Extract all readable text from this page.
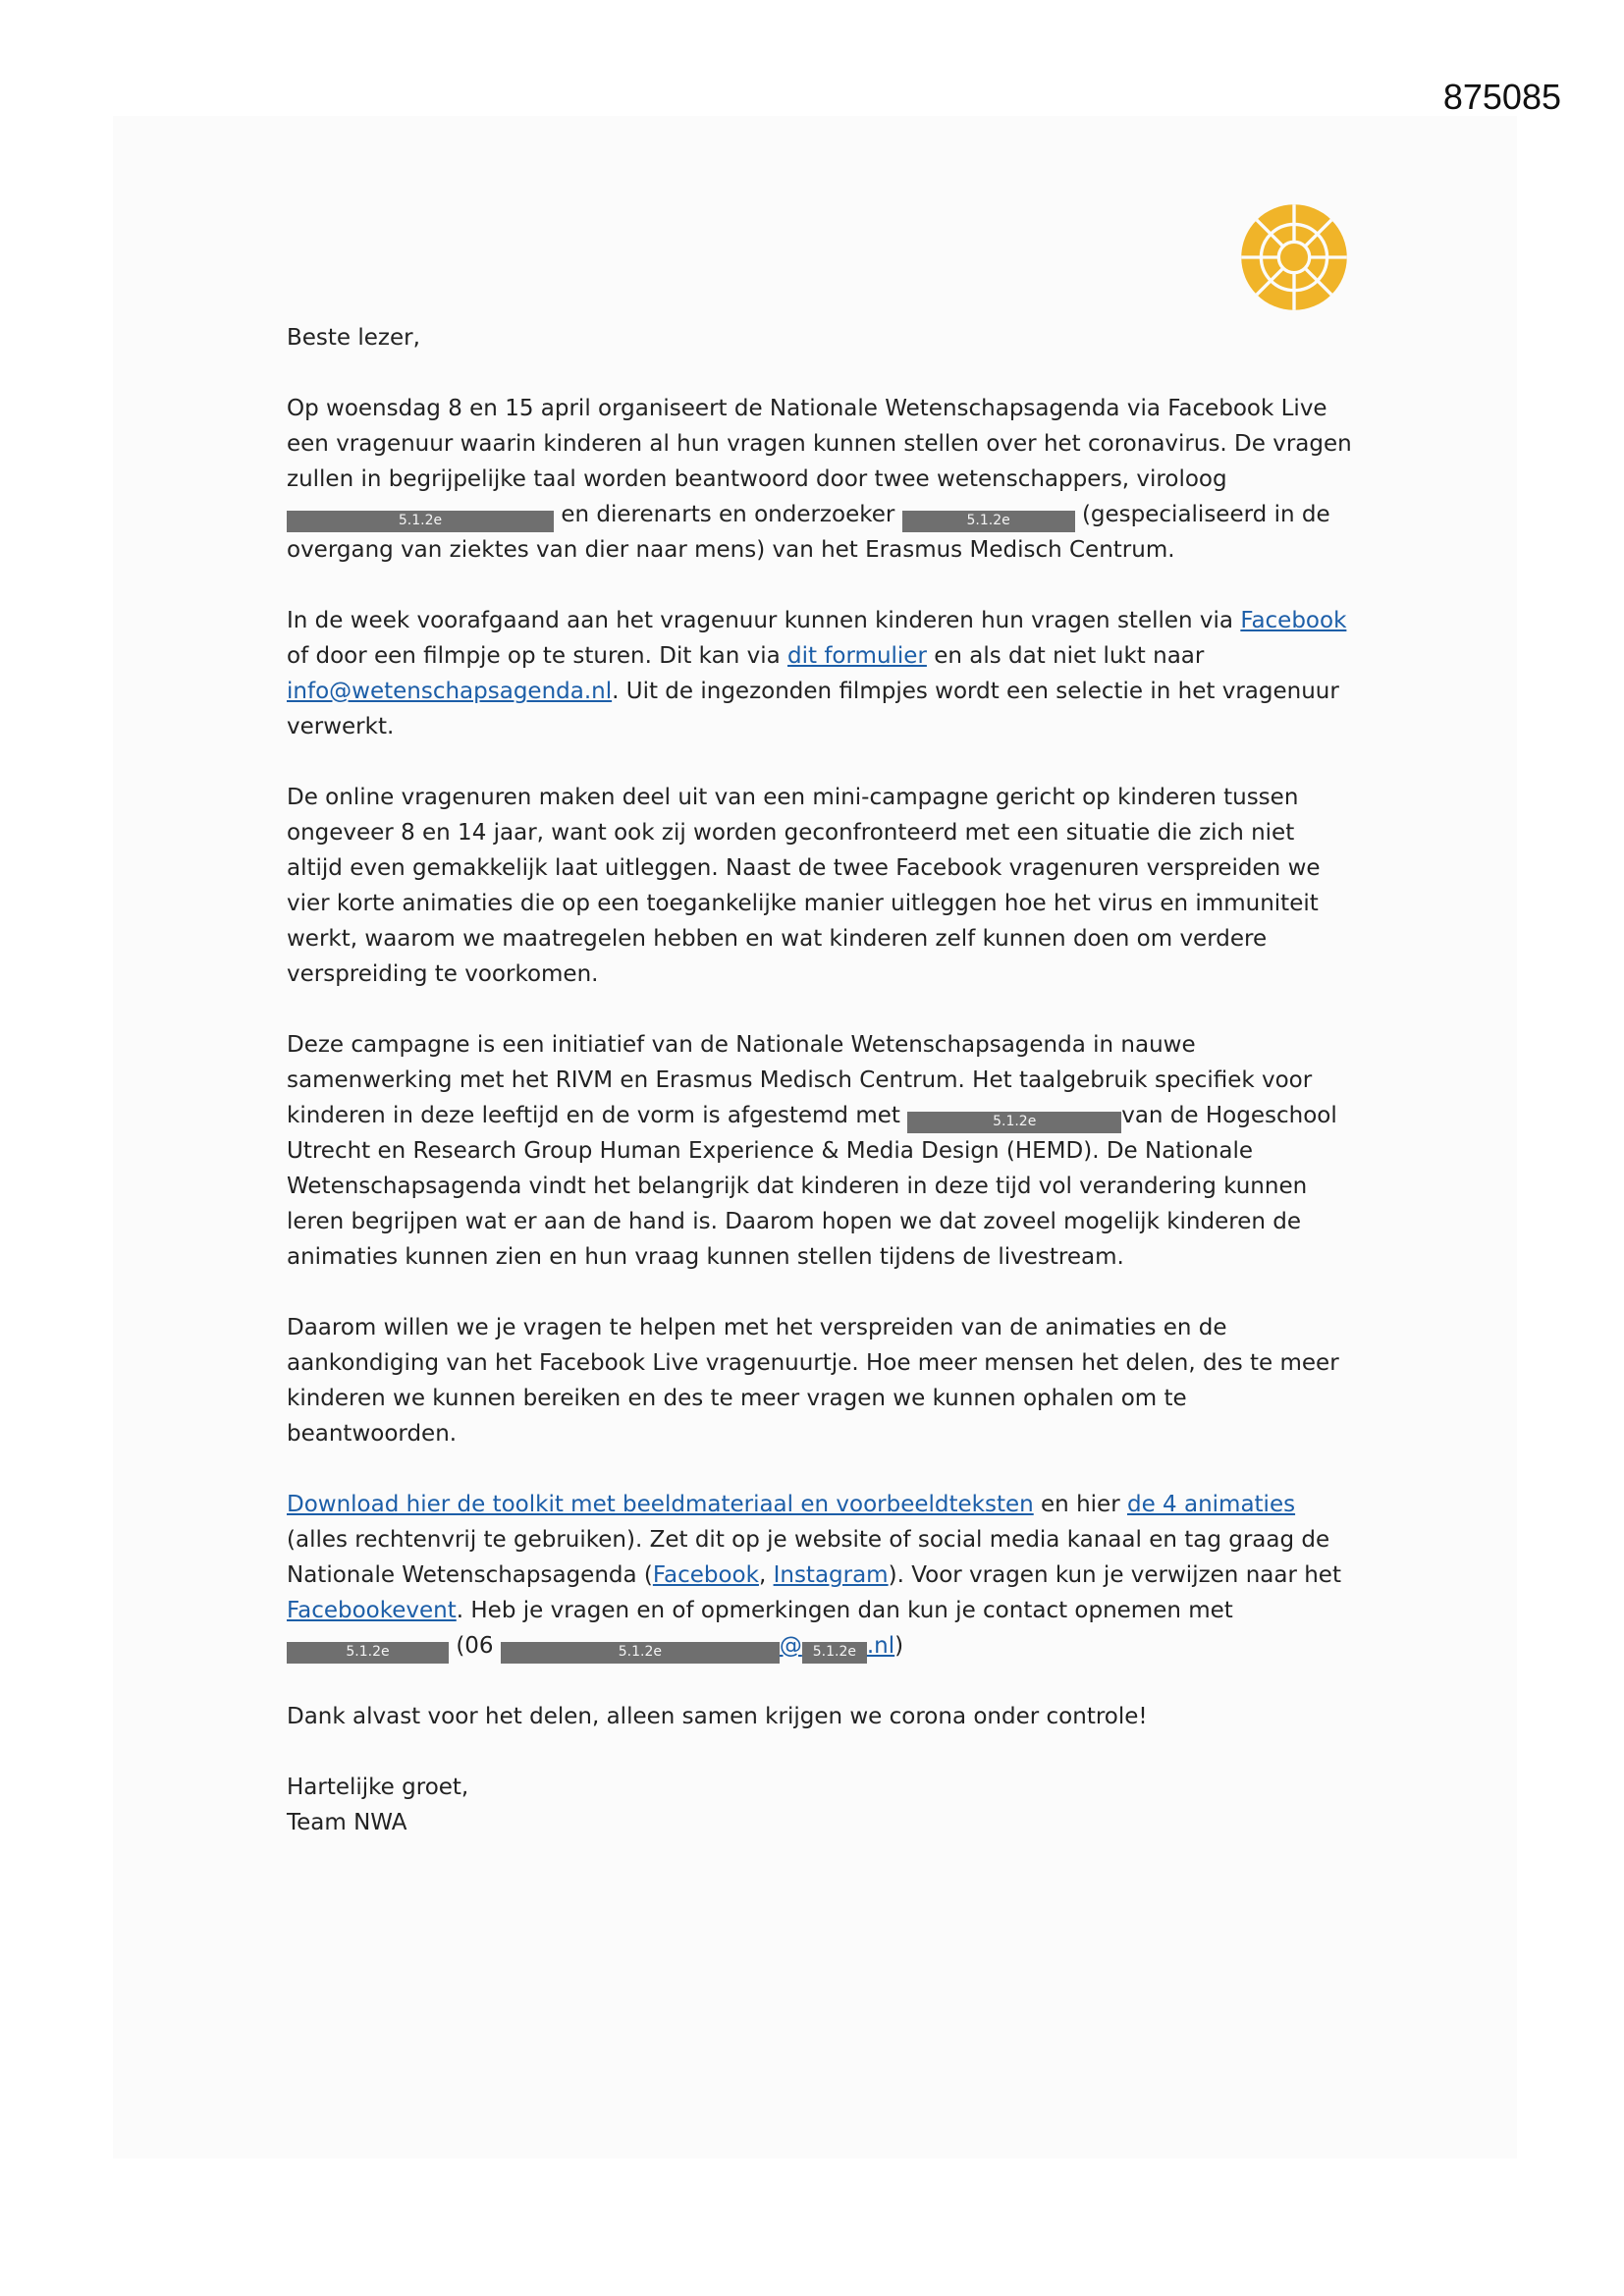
875085

Beste lezer,

Op woensdag 8 en 15 april organiseert de Nationale Wetenschapsagenda via Facebook Live een vragenuur waarin kinderen al hun vragen kunnen stellen over het coronavirus. De vragen zullen in begrijpelijke taal worden beantwoord door twee wetenschappers, viroloog 5.1.2e	en dierenarts en onderzoeker	5.1.2e	(gespecialiseerd in de overgang van ziektes van dier naar mens) van het Erasmus Medisch Centrum.

In de week voorafgaand aan het vragenuur kunnen kinderen hun vragen stellen via Facebook of door een filmpje op te sturen. Dit kan via dit formulier en als dat niet lukt naar info@wetenschapsagenda.nl. Uit de ingezonden filmpjes wordt een selectie in het vragenuur verwerkt.

De online vragenuren maken deel uit van een mini-campagne gericht op kinderen tussen ongeveer 8 en 14 jaar, want ook zij worden geconfronteerd met een situatie die zich niet altijd even gemakkelijk laat uitleggen. Naast de twee Facebook vragenuren verspreiden we vier korte animaties die op een toegankelijke manier uitleggen hoe het virus en immuniteit werkt, waarom we maatregelen hebben en wat kinderen zelf kunnen doen om verdere verspreiding te voorkomen.

Deze campagne is een initiatief van de Nationale Wetenschapsagenda in nauwe samenwerking met het RIVM en Erasmus Medisch Centrum. Het taalgebruik specifiek voor kinderen in deze leeftijd en de vorm is afgestemd met	5.1.2e	van de Hogeschool Utrecht en Research Group Human Experience & Media Design (HEMD). De Nationale Wetenschapsagenda vindt het belangrijk dat kinderen in deze tijd vol verandering kunnen leren begrijpen wat er aan de hand is. Daarom hopen we dat zoveel mogelijk kinderen de animaties kunnen zien en hun vraag kunnen stellen tijdens de livestream.

Daarom willen we je vragen te helpen met het verspreiden van de animaties en de aankondiging van het Facebook Live vragenuurtje. Hoe meer mensen het delen, des te meer kinderen we kunnen bereiken en des te meer vragen we kunnen ophalen om te beantwoorden.

Download hier de toolkit met beeldmateriaal en voorbeeldteksten en hier de 4 animaties (alles rechtenvrij te gebruiken). Zet dit op je website of social media kanaal en tag graag de Nationale Wetenschapsagenda (Facebook, Instagram). Voor vragen kun je verwijzen naar het Facebookevent. Heb je vragen en of opmerkingen dan kun je contact opnemen met 5.1.2e	(06	5.1.2e	@ 5.1.2e .nl)

Dank alvast voor het delen, alleen samen krijgen we corona onder controle!

Hartelijke groet,
Team NWA
